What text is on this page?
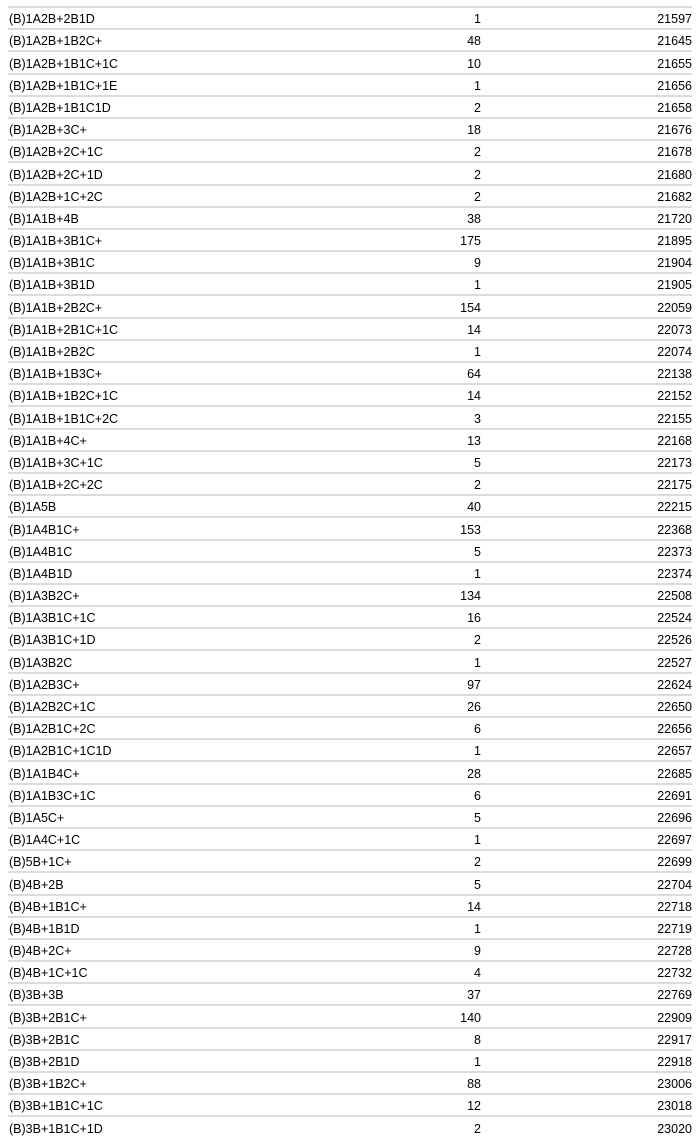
(B)1A2B+2B1D	1	21597
(B)1A2B+1B2C+	48	21645
(B)1A2B+1B1C+1C	10	21655
(B)1A2B+1B1C+1E	1	21656
(B)1A2B+1B1C1D	2	21658
(B)1A2B+3C+	18	21676
(B)1A2B+2C+1C	2	21678
(B)1A2B+2C+1D	2	21680
(B)1A2B+1C+2C	2	21682
(B)1A1B+4B	38	21720
(B)1A1B+3B1C+	175	21895
(B)1A1B+3B1C	9	21904
(B)1A1B+3B1D	1	21905
(B)1A1B+2B2C+	154	22059
(B)1A1B+2B1C+1C	14	22073
(B)1A1B+2B2C	1	22074
(B)1A1B+1B3C+	64	22138
(B)1A1B+1B2C+1C	14	22152
(B)1A1B+1B1C+2C	3	22155
(B)1A1B+4C+	13	22168
(B)1A1B+3C+1C	5	22173
(B)1A1B+2C+2C	2	22175
(B)1A5B	40	22215
(B)1A4B1C+	153	22368
(B)1A4B1C	5	22373
(B)1A4B1D	1	22374
(B)1A3B2C+	134	22508
(B)1A3B1C+1C	16	22524
(B)1A3B1C+1D	2	22526
(B)1A3B2C	1	22527
(B)1A2B3C+	97	22624
(B)1A2B2C+1C	26	22650
(B)1A2B1C+2C	6	22656
(B)1A2B1C+1C1D	1	22657
(B)1A1B4C+	28	22685
(B)1A1B3C+1C	6	22691
(B)1A5C+	5	22696
(B)1A4C+1C	1	22697
(B)5B+1C+	2	22699
(B)4B+2B	5	22704
(B)4B+1B1C+	14	22718
(B)4B+1B1D	1	22719
(B)4B+2C+	9	22728
(B)4B+1C+1C	4	22732
(B)3B+3B	37	22769
(B)3B+2B1C+	140	22909
(B)3B+2B1C	8	22917
(B)3B+2B1D	1	22918
(B)3B+1B2C+	88	23006
(B)3B+1B1C+1C	12	23018
(B)3B+1B1C+1D	2	23020
